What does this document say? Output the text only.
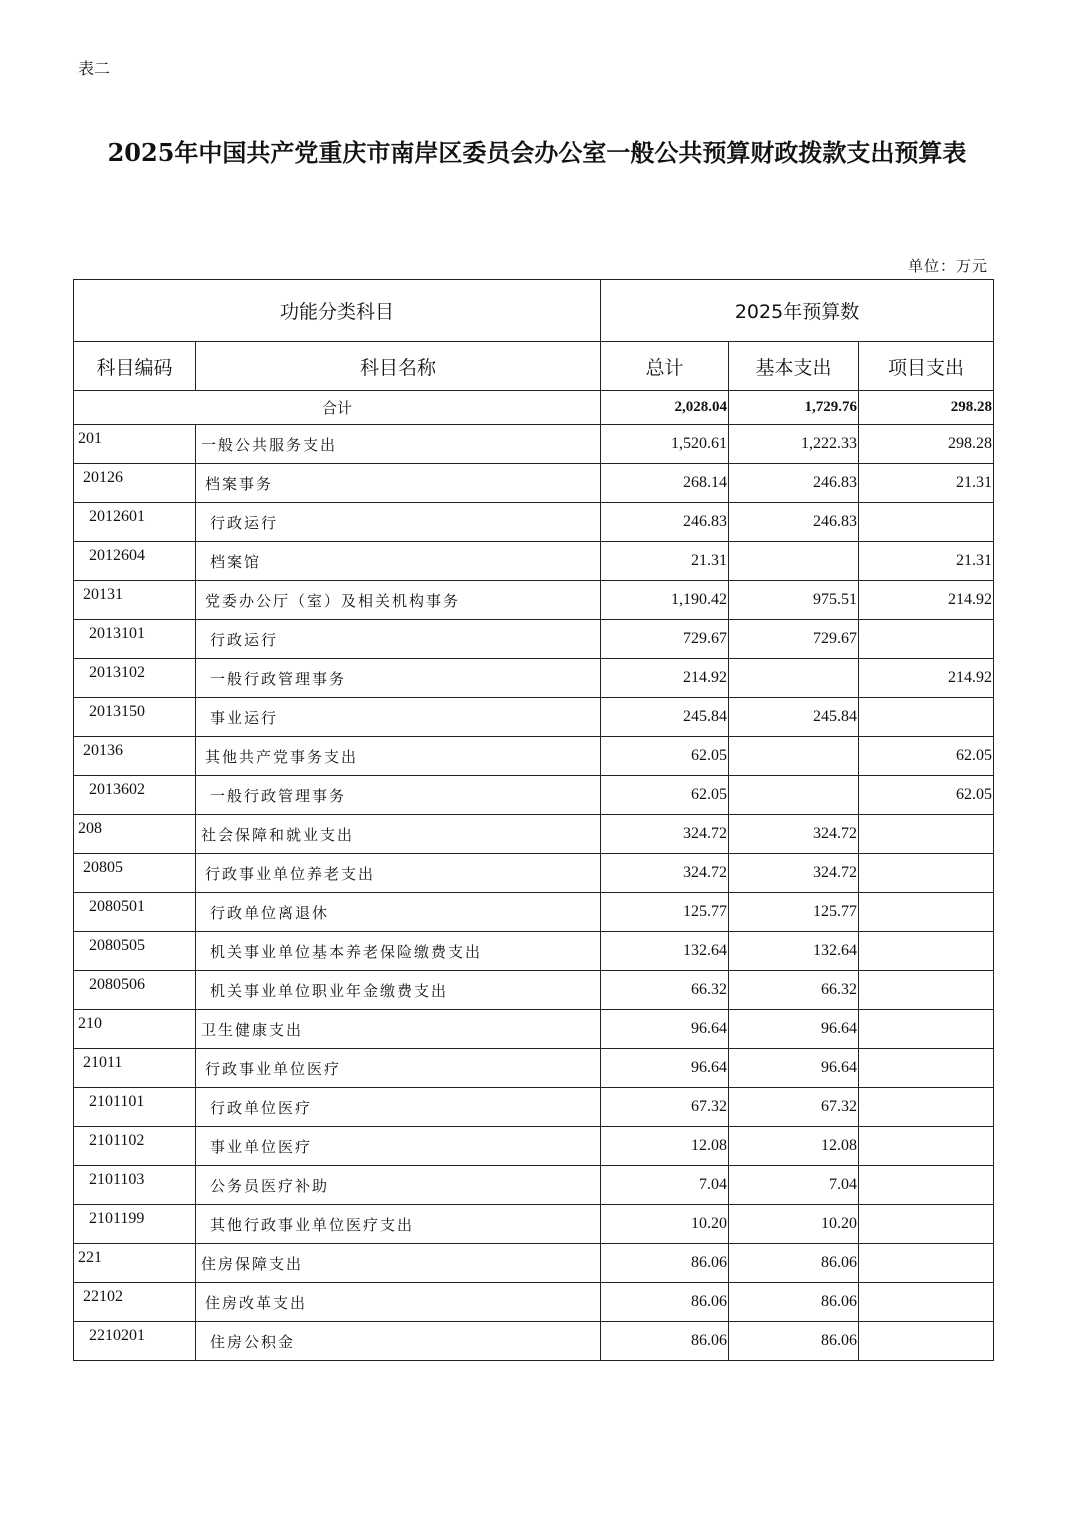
表二
2025年中国共产党重庆市南岸区委员会办公室一般公共预算财政拨款支出预算表
单位：万元
功能分类科目		2025年预算数		
科目编码	科目名称	总计	基本支出	项目支出
合计		2,028.04	1,729.76	298.28
201	一般公共服务支出	1,520.61	1,222.33	298.28
20126	档案事务	268.14	246.83	21.31
2012601	行政运行	246.83	246.83	
2012604	档案馆	21.31		21.31
20131	党委办公厅（室）及相关机构事务	1,190.42	975.51	214.92
2013101	行政运行	729.67	729.67	
2013102	一般行政管理事务	214.92		214.92
2013150	事业运行	245.84	245.84	
20136	其他共产党事务支出	62.05		62.05
2013602	一般行政管理事务	62.05		62.05
208	社会保障和就业支出	324.72	324.72	
20805	行政事业单位养老支出	324.72	324.72	
2080501	行政单位离退休	125.77	125.77	
2080505	机关事业单位基本养老保险缴费支出	132.64	132.64	
2080506	机关事业单位职业年金缴费支出	66.32	66.32	
210	卫生健康支出	96.64	96.64	
21011	行政事业单位医疗	96.64	96.64	
2101101	行政单位医疗	67.32	67.32	
2101102	事业单位医疗	12.08	12.08	
2101103	公务员医疗补助	7.04	7.04	
2101199	其他行政事业单位医疗支出	10.20	10.20	
221	住房保障支出	86.06	86.06	
22102	住房改革支出	86.06	86.06	
2210201	住房公积金	86.06	86.06	
